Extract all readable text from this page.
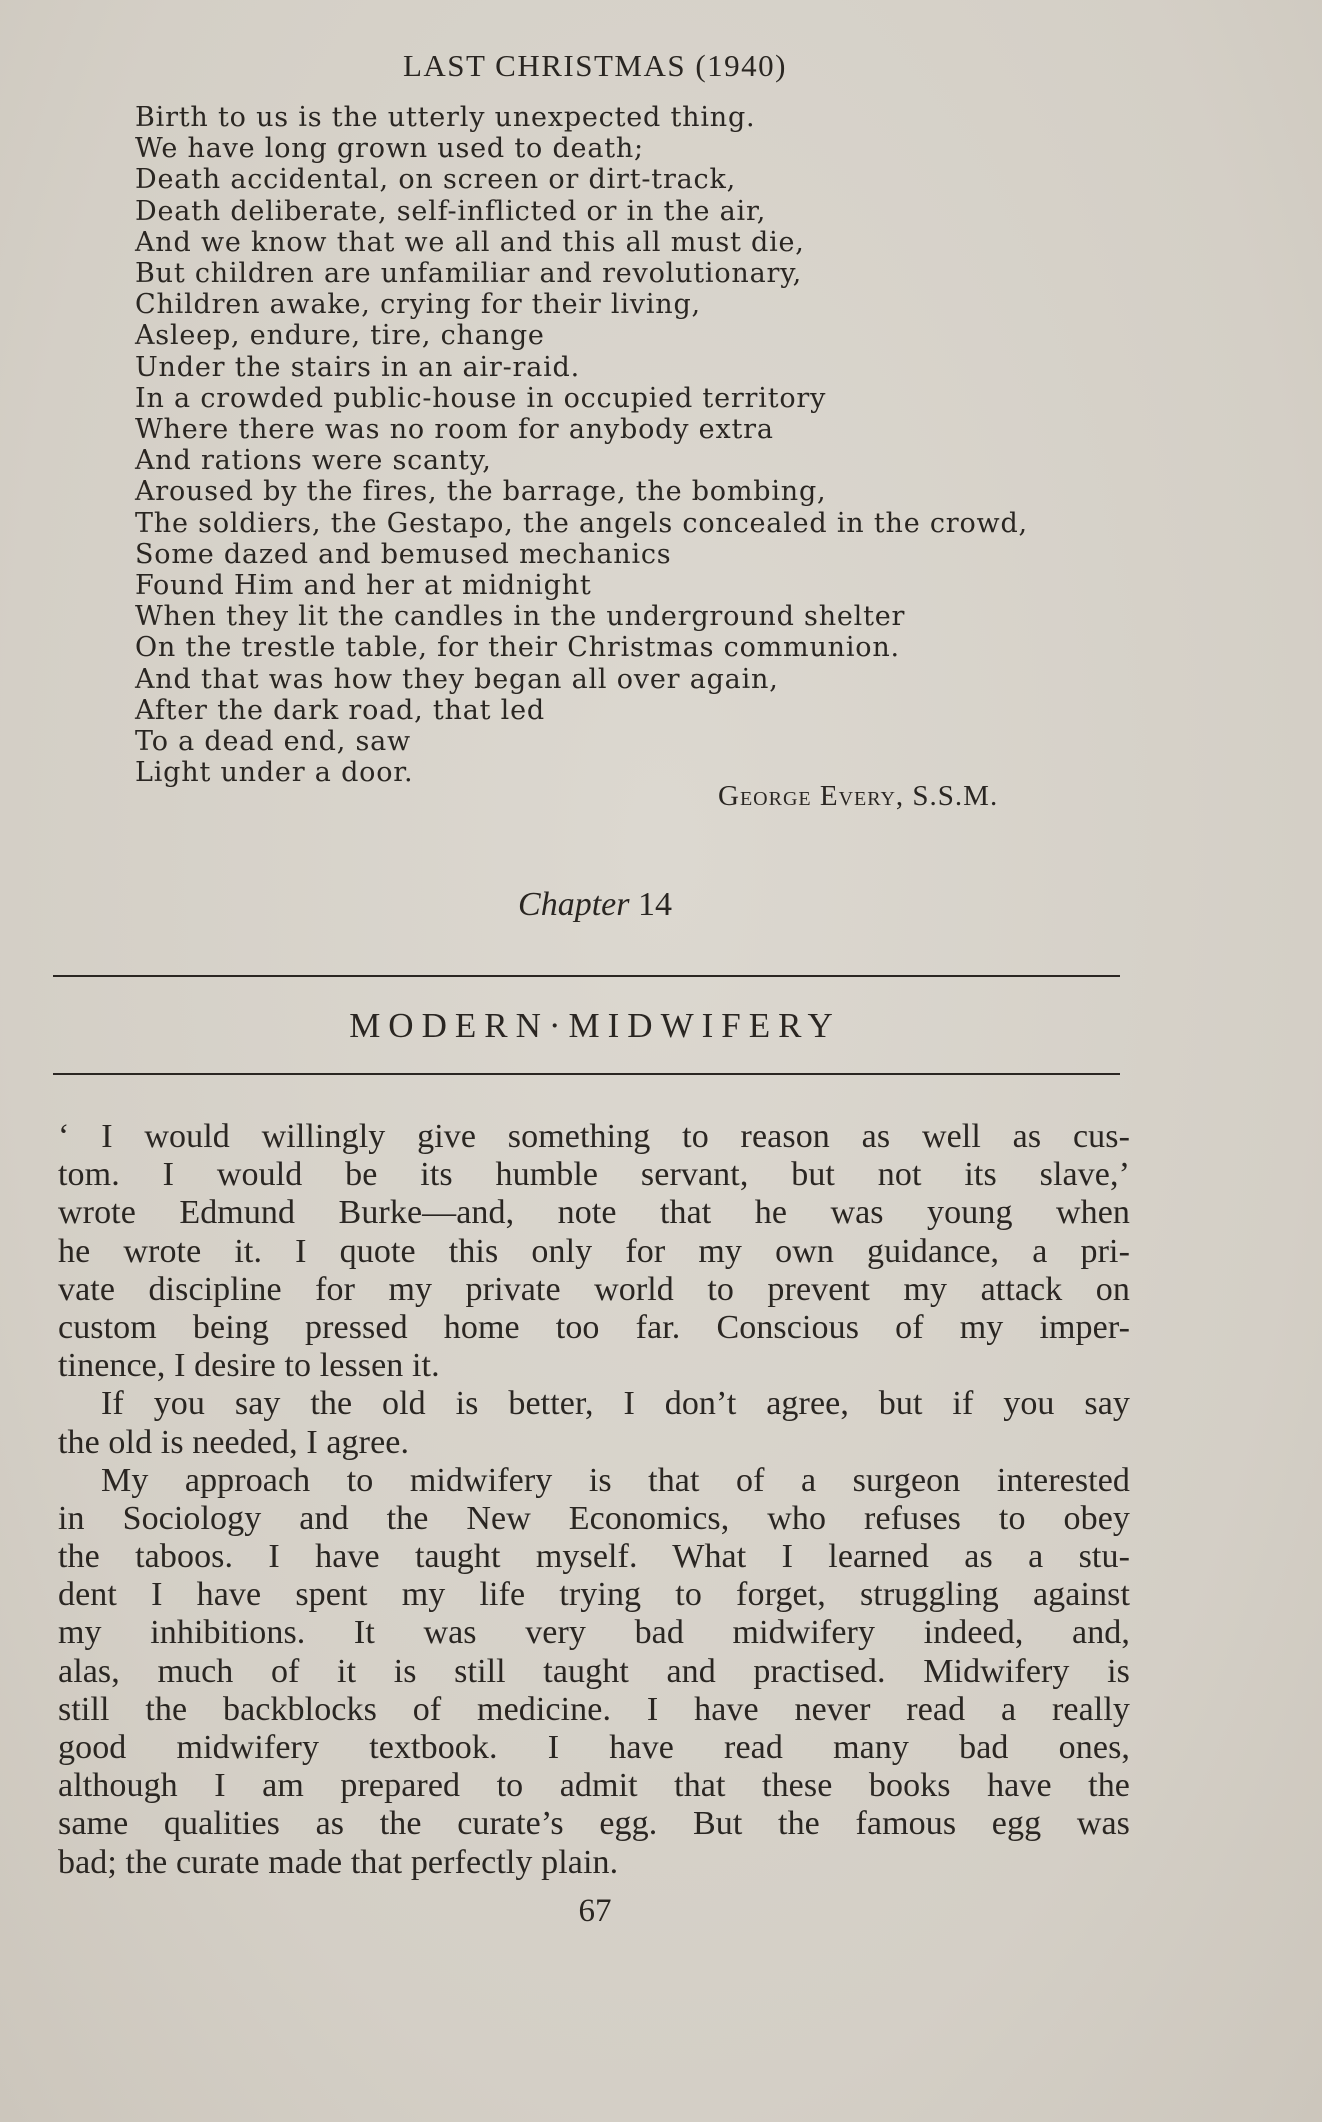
LAST CHRISTMAS (1940)
Birth to us is the utterly unexpected thing.
We have long grown used to death;
Death accidental, on screen or dirt-track,
Death deliberate, self-inflicted or in the air,
And we know that we all and this all must die,
But children are unfamiliar and revolutionary,
Children awake, crying for their living,
Asleep, endure, tire, change
Under the stairs in an air-raid.
In a crowded public-house in occupied territory
Where there was no room for anybody extra
And rations were scanty,
Aroused by the fires, the barrage, the bombing,
The soldiers, the Gestapo, the angels concealed in the crowd,
Some dazed and bemused mechanics
Found Him and her at midnight
When they lit the candles in the underground shelter
On the trestle table, for their Christmas communion.
And that was how they began all over again,
After the dark road, that led
To a dead end, saw
Light under a door.
George Every, S.S.M.
Chapter 14
MODERN·MIDWIFERY
‘ I would willingly give something to reason as well as cus-
tom. I would be its humble servant, but not its slave,’
wrote Edmund Burke—and, note that he was young when
he wrote it. I quote this only for my own guidance, a pri-
vate discipline for my private world to prevent my attack on
custom being pressed home too far. Conscious of my imper-
tinence, I desire to lessen it.
If you say the old is better, I don’t agree, but if you say
the old is needed, I agree.
My approach to midwifery is that of a surgeon interested
in Sociology and the New Economics, who refuses to obey
the taboos. I have taught myself. What I learned as a stu-
dent I have spent my life trying to forget, struggling against
my inhibitions. It was very bad midwifery indeed, and,
alas, much of it is still taught and practised. Midwifery is
still the backblocks of medicine. I have never read a really
good midwifery textbook. I have read many bad ones,
although I am prepared to admit that these books have the
same qualities as the curate’s egg. But the famous egg was
bad; the curate made that perfectly plain.
67
